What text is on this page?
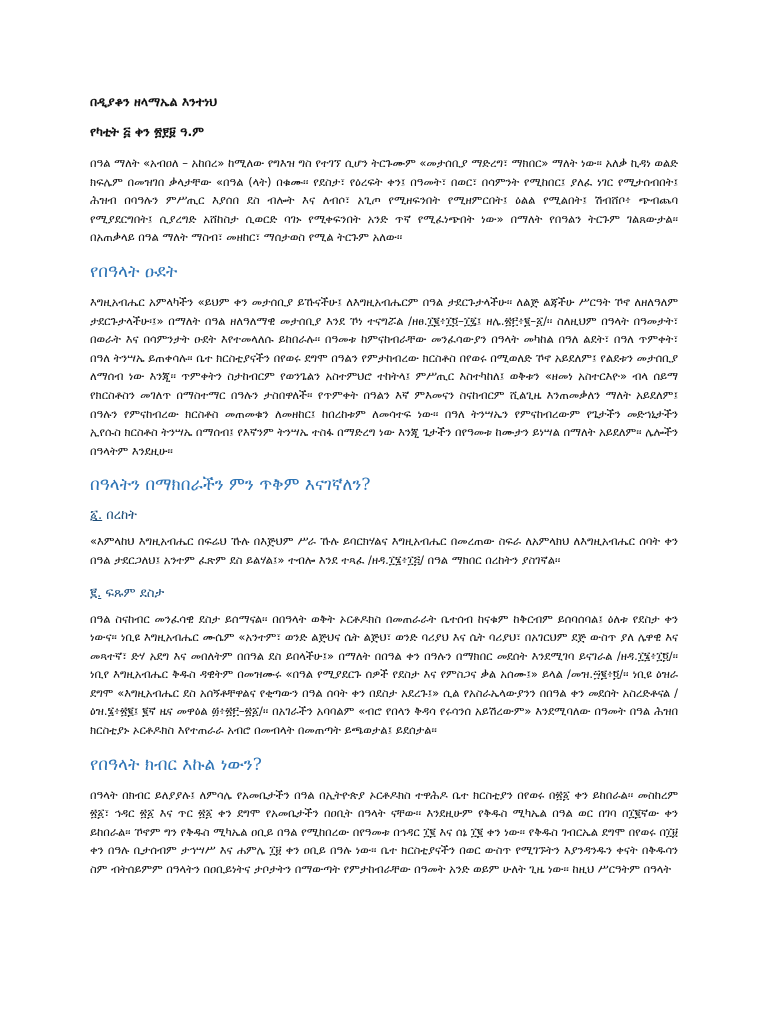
በዲያቆን ዘላማኤል እንተነህ
የካቲት ፭ ቀን ፳፻፱ ዓ.ም

በዓል ማለት «አብዐለ – አከበረ» ከሚለው የግእዝ ግስ የተገኘ ሲሆን ትርጉሙም «መታሰቢያ ማድረግ፣ ማክበር» ማለት ነው፡፡ አለቃ ኪዳነ ወልድ ክፍሌም በመዝገበ ቃላታቸው «በዓል (ላት) በቁሙ፡፡ የደስታ፣ የዕረፍት ቀን፤ በዓመት፣ በወር፣ በሳምንት የሚከበር፤ ያለፈ ነገር የሚታሰብበት፤ ሕዝብ በባዓሉን ምሥጢር እያሰበ ደስ ብሎት እና ለብሶ፣ አጊጦ የሚዘፍንበት የሚዘምርበት፤ ዕልል የሚልበት፤ ሽብሸቦ፥ ጭብጨባ የሚያደርግበት፤ ሲያረግድ አሸከስታ ሲወርድ ባገኑ የሚቀፍንበት አንድ ጥኛ የሚፈነጭበት ነው» በማለት የበዓልን ትርጉም ገልጸውታል፡፡ በአጠቃላይ በዓል ማለት ማስብ፣ መዘከር፣ ማሰታወስ የሚል ትርጉም አለው፡፡

የበዓላት ዑደት

እግዚአብሔር አምላካችን «ይህም ቀን መታሰቢያ ይኹናችሁ፤ ለእግዚአብሔርም በዓል ታደርጉታላችሁ፡፡ ለልጅ ልጃችሁ ሥርዓት ኾኖ ለዘለዓለም ታደርጉታላችሁ፡፤» በማለት በዓል ዘለዓለማዊ መታሰቢያ እንደ ኾነ ተናግሯል /ዘፀ.፲፪፥፲፬–፲፯፤ ዘሌ.፳፫፥፪–፩/፡፡ ስለዚህም በዓላት በዓመታት፣ በወራት እና በሳምንታት ዑደት እየተመላለሱ ይከበራሉ፡፡ በዓመቱ ከምናከብራቸው መንፈሳውያን በዓላት መካከል በዓለ ልደት፣ በዓለ ጥምቀት፣ በዓለ ትንሣኤ ይጠቀሳሉ፡፡ ቤተ ክርስቲያናችን በየወሩ ደግሞ በዓልን የምታከብረው ክርስቶስ በየወሩ በሚወለድ ኾኖ አይደለም፤ የልደቱን መታሰቢያ ለማሰብ ነው እንጂ፡፡ ጥምቀትን ስታከብርም የወንጌልን አስተምህሮ ተከትላ፤ ምሥጢር እስተካከለ፤ ወቅቱን «ዘመነ አስተርእዮ» ብላ ሰይማ የክርስቶስን መገለጥ በማስተማር በዓሉን ታስበዋለች፡፡ የጥምቀት በዓልን እኛ ምእመናን ስናከብርም ሺልጊዜ እንጠመቃለን ማለት አይደለም፤ በዓሉን የምናከብረው ክርስቶስ መጠመቁን ለመዘከር፤ ከበረከቱም ለመሳተፍ ነው፡፡ በዓለ ትንሣኤን የምናከብረውም የጌታችን መድኀኒታችን ኢየሱስ ክርስቶስ ትንሣኤ በማሰብ፤ የእኛንም ትንሣኤ ተስፋ በማድረግ ነው እንጂ ጌታችን በየዓመቱ ከሙታን ይነሣል በማለት አይደለም፡፡ ሌሎችን በዓላትም እንደዚሁ፡፡

በዓላትን በማክበራችን ምን ጥቅም እናገኛለን?
፩. በረከት

«እምላከህ እግዚአብሔር በፍሬህ ኹሉ በእጅህም ሥራ ኹሉ ይባርክሃልና እግዚአብሔር በመረጠው ስፍራ ለአምላክህ ለእግዚአብሔር ሰባት ቀን በዓል ታደርጋለህ፤ አንተም ፈጽም ደስ ይልሃል፤» ተብሎ እንደ ተጻፈ /ዘዳ.፲፮፥፲፭/ በዓል ማክበር በረከትን ያስገኛል፡፡

፪. ፍጹም ደስታ

በዓል ስናከብር መንፈሳዊ ደስታ ይሰማናል፡፡ በበዓላት ወቅት ኦርቶዶክስ በመጠራራት ቤተሰብ ከናቁም ከቅርብም ይሰባሰባል፤ ዕለቱ የደስታ ቀን ነውና፡፡ ነቢዩ እግዚአብሔር ሙሴም «አንተም፣ ወንድ ልጅህና ሴት ልጅህ፣ ወንድ ባሪያህ እና ሴት ባሪያህ፣ በአገርህም ደጅ ውስጥ ያለ ሌዋዊ እና መጻተኛ፣ ድሃ አደግ እና መበለትም በበዓል ደስ ይበላችሁ፤» በማለት በበዓል ቀን በዓሉን በማክበር መደሰት እንደሚገባ ይናገራል /ዘዳ.፲፮፥፲፬/፡፡ ነቢየ እግዚአብሔር ቅዱስ ዳዊትም በመዝሙሩ «በዓል የሚያደርጉ ሰዎች የደስታ እና የምስጋና ቃል አሰሙ፤» ይላል /መዝ.፵፪፥፬/፡፡ ነቢዩ ዕዝራ ደግሞ «እግዚአብሔር ደስ አሰኝቶቸዋልና የቂጣውን በዓል ሰባት ቀን በደስታ አደረጉ፤» ሲል የአስራኤላውያንን በበዓል ቀን መደሰት አስረድቶናል /ዕዝ.፮፥፳፪፤ ፪ኛ ዜና መዋዕል ፴፥፳፫–፳፩/፡፡ በአገራችን አባባልም «ብሮ የበላን ቅዳሳ የሩሳንሰ አይሽረውም» እንደሚባለው በዓመት በዓል ሕዝበ ክርስቲያኑ ኦርቶዶክስ እየተጠራራ አብሮ በመብላት በመጠጣት ይጫወታል፤ ይደሰታል፡፡

የበዓላት ክብር እኩል ነውን?

በዓላት በክብር ይለያያሉ፤ ለምሳሌ የአመቤታችን በዓል በኢትዮጵያ ኦርቶዶክስ ተዋሕዶ ቤተ ክርስቲያን በየወሩ በ፳፩ ቀን ይከበራል፡፡ መስከረም ፳፩፣ ኅዳር ፳፩ እና ጥር ፳፩ ቀን ደግሞ የአመቤታችን በዐቢት በዓላት ናቸው፡፡ እንደዚሁም የቅዱስ ሚካኤል በዓል ወር በገባ በ፲፪ኛው ቀን ይከበራል፡፡ ኾኖም ግን የቅዱስ ሚካኤል ዐቢይ በዓል የሚከበረው በየዓመቱ በኅዳር ፲፪ እና ሰኔ ፲፪ ቀን ነው፡፡ የቅዱስ ገብርኤል ደግሞ በየወሩ በ፲፱ ቀን በዓሉ ቢታሰብም ታኅሣሥ እና ሐምሌ ፲፱ ቀን ዐቢይ በዓሉ ነው፡፡ ቤተ ክርስቲያናችን በወር ውስጥ የሚገኙትን እያንዳንዱን ቀናት በቅዱሳን ስም ብትሰይምም በዓላትን በዐቢይነትና ታቦታትን በማውጣት የምታከብራቸው በዓመት አንድ ወይም ሁለት ጊዜ ነው፡፡ ከዚህ ሥርዓትም በዓላት
